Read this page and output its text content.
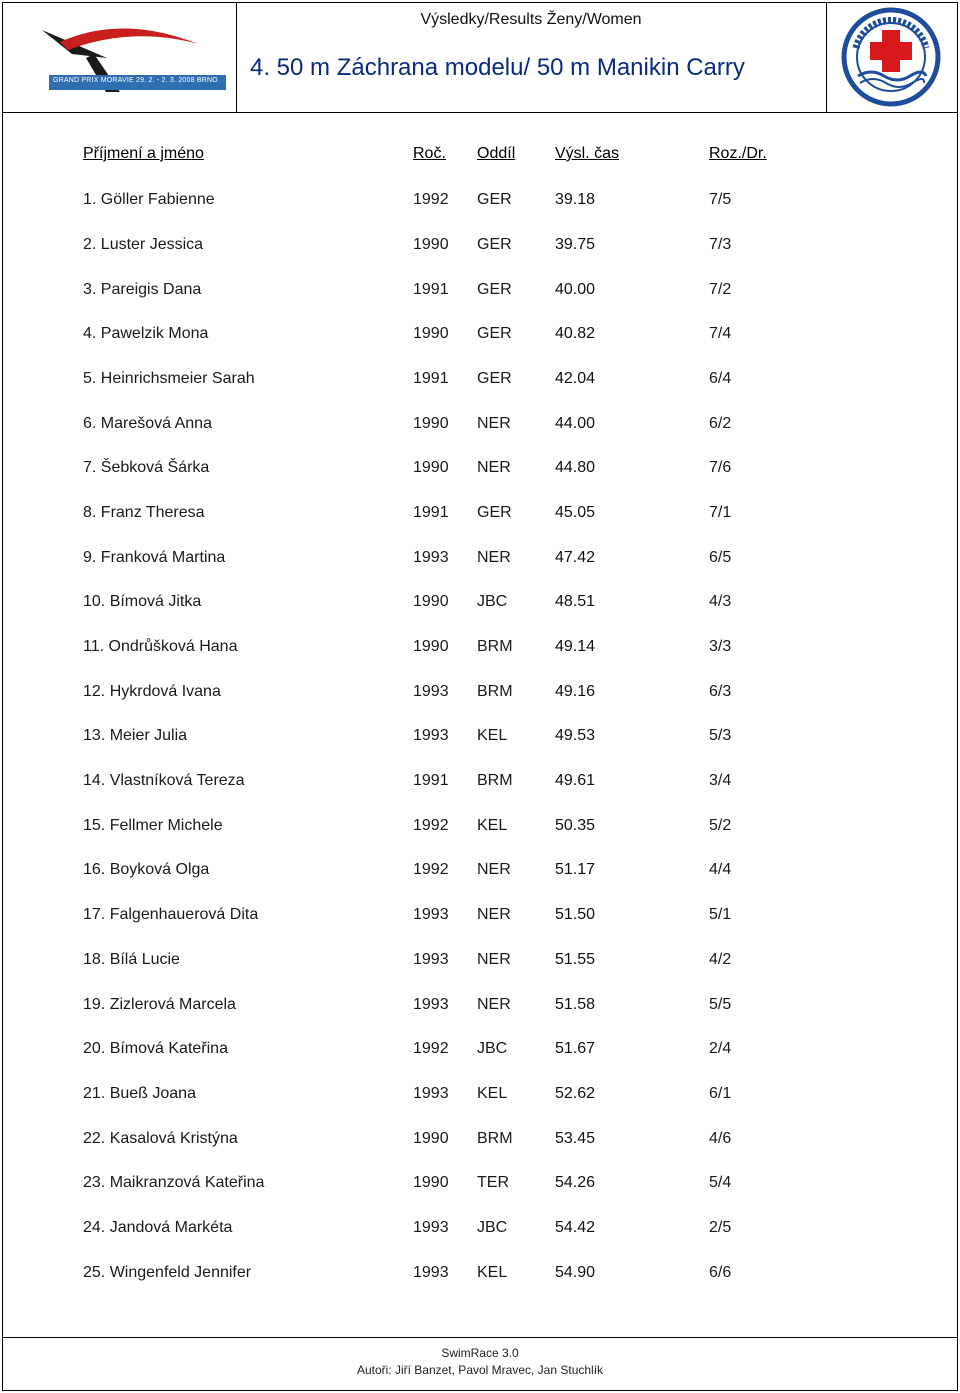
GRAND PRIX MORAVIE 29. 2. - 2. 3. 2008 BRNO
Výsledky/Results Ženy/Women
4. 50 m Záchrana modelu/ 50 m Manikin Carry
Příjmení a jméno	Roč. Oddíl Výsl. čas	Roz./Dr.
1. Göller Fabienne	1992 GER	39.18	7/5
2. Luster Jessica	1990 GER	39.75	7/3
3. Pareigis Dana	1991 GER	40.00	7/2
4. Pawelzik Mona	1990 GER	40.82	7/4
5. Heinrichsmeier Sarah	1991 GER	42.04	6/4
6. Marešová Anna	1990 NER	44.00	6/2
7. Šebková Šárka	1990 NER	44.80	7/6
8. Franz Theresa	1991 GER	45.05	7/1
9. Franková Martina	1993 NER	47.42	6/5
10. Bímová Jitka	1990 JBC	48.51	4/3
11. Ondrůšková Hana	1990 BRM	49.14	3/3
12. Hykrdová Ivana	1993 BRM	49.16	6/3
13. Meier Julia	1993 KEL	49.53	5/3
14. Vlastníková Tereza	1991 BRM	49.61	3/4
15. Fellmer Michele	1992 KEL	50.35	5/2
16. Boyková Olga	1992 NER	51.17	4/4
17. Falgenhauerová Dita	1993 NER	51.50	5/1
18. Bílá Lucie	1993 NER	51.55	4/2
19. Zizlerová Marcela	1993 NER	51.58	5/5
20. Bímová Kateřina	1992 JBC	51.67	2/4
21. Bueß Joana	1993 KEL	52.62	6/1
22. Kasalová Kristýna	1990 BRM	53.45	4/6
23. Maikranzová Kateřina	1990 TER	54.26	5/4
24. Jandová Markéta	1993 JBC	54.42	2/5
25. Wingenfeld Jennifer	1993 KEL	54.90	6/6
SwimRace 3.0
Autoři: Jiří Banzet, Pavol Mravec, Jan Stuchlík
